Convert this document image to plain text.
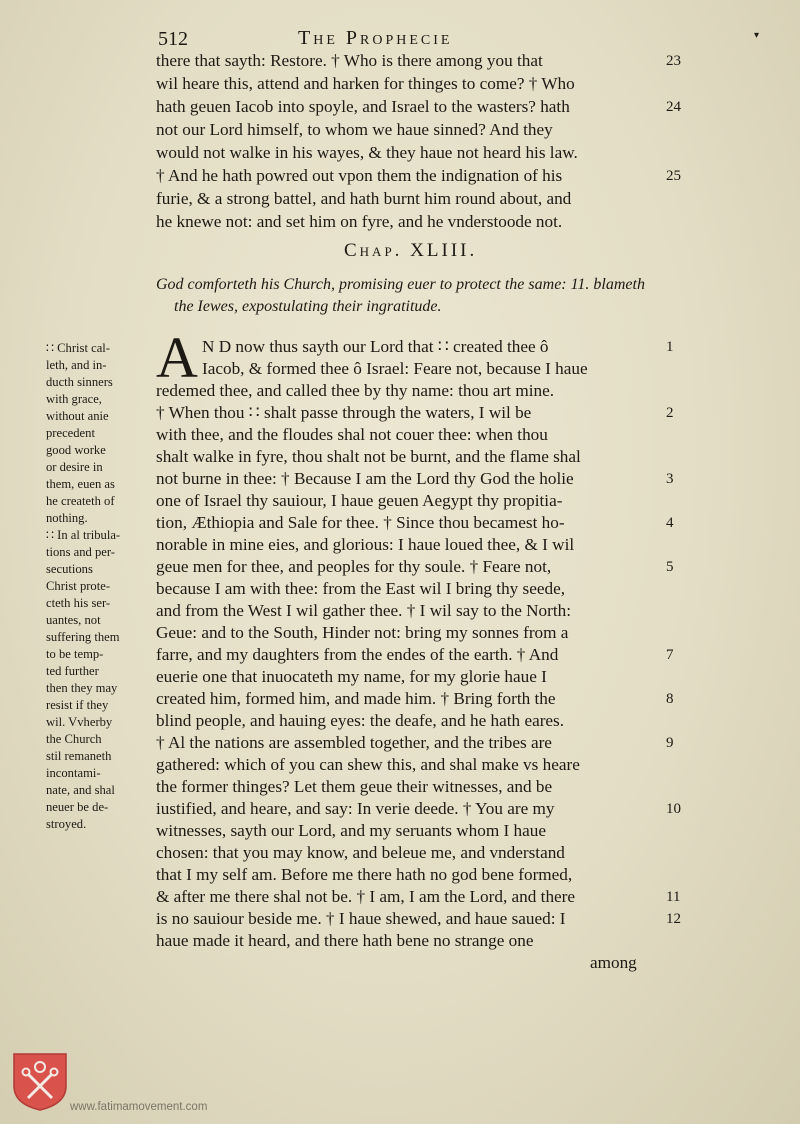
512	The Prophecie	▾
there that sayth: Restore. † Who is there among you that
wil heare this, attend and harken for thinges to come? † Who
hath geuen Iacob into spoyle, and Israel to the wasters? hath
not our Lord himself, to whom we haue sinned? And they
would not walke in his wayes, & they haue not heard his law.
† And he hath powred out vpon them the indignation of his
furie, & a strong battel, and hath burnt him round about, and
he knewe not: and set him on fyre, and he vnderstoode not.
23
24
25
Chap. XLIII.
God comforteth his Church, promising euer to protect the same: 11. blameth
the Iewes, expostulating their ingratitude.
A N D now thus sayth our Lord that ∷ created thee ô
Iacob, & formed thee ô Israel: Feare not, because I haue
redemed thee, and called thee by thy name: thou art mine.
† When thou ∷ shalt passe through the waters, I wil be
with thee, and the floudes shal not couer thee: when thou
shalt walke in fyre, thou shalt not be burnt, and the flame shal
not burne in thee: † Because I am the Lord thy God the holie
one of Israel thy sauiour, I haue geuen Aegypt thy propitia-
tion, Æthiopia and Sale for thee. † Since thou becamest ho-
norable in mine eies, and glorious: I haue loued thee, & I wil
geue men for thee, and peoples for thy soule. † Feare not,
because I am with thee: from the East wil I bring thy seede,
and from the West I wil gather thee. † I wil say to the North:
Geue: and to the South, Hinder not: bring my sonnes from a
farre, and my daughters from the endes of the earth. † And
euerie one that inuocateth my name, for my glorie haue I
created him, formed him, and made him. † Bring forth the
blind people, and hauing eyes: the deafe, and he hath eares.
† Al the nations are assembled together, and the tribes are
gathered: which of you can shew this, and shal make vs heare
the former thinges? Let them geue their witnesses, and be
iustified, and heare, and say: In verie deede. † You are my
witnesses, sayth our Lord, and my seruants whom I haue
chosen: that you may know, and beleue me, and vnderstand
that I my self am. Before me there hath no god bene formed,
& after me there shal not be. † I am, I am the Lord, and there
is no sauiour beside me. † I haue shewed, and haue saued: I
haue made it heard, and there hath bene no strange one
among
1
2
3
4
5
7
8
9
10
11
12
∷ Christ cal-
leth, and in-
ducth sinners
with grace,
without anie
precedent
good worke
or desire in
them, euen as
he createth of
nothing.
∷ In al tribula-
tions and per-
secutions
Christ prote-
cteth his ser-
uantes, not
suffering them
to be temp-
ted further
then they may
resist if they
wil. Vvherby
the Church
stil remaneth
incontami-
nate, and shal
neuer be de-
stroyed.
www.fatimamovement.com
